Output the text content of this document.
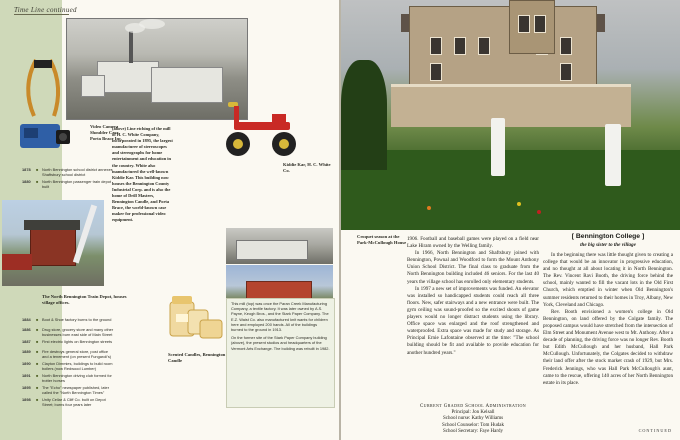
Time Line continued
Video Camera Shoulder Case, Porta Brace Inc.
Kiddie Kar, H. C. White Co.
(above) Line etching of the mill of H. C. White Company, incorporated in 1895, the largest manufacturer of stereoscopes and stereographs for home entertainment and education in the country. White also manufactured the well-known Kiddie Kar. This building now houses the Bennington County Industrial Corp. and is also the home of Drill Masters, Bennington Candle, and Porta Brace, the world-known case maker for professional video equipment.
1878	■ North Bennington school district annexes Shaftsbury school district
1880	■ North Bennington passenger train depot built
The North Bennington Train Depot, houses village offices.
1884	■ Boot & Shoe factory burns to the ground
1886	■ Drug store, grocery store and many other businesses burn east side of Main Street
1887	■ First electric lights on Bennington streets
1889	■ Fire destroys general store, post office and a tenement (on present Fungaroli's)
1890	■ Clayton Dimmies, buildings to build room boilers (now Redwood Lumber)
1891	■ North Bennington driving club formed for trotter horses
1895	■ The "Echo" newspaper published, later called the "North Bennington Times"
1898	■ Unity Cellar & Cliff Co. built on Depot Street; burns four years later
Scented Candles, Bennington Candle

This mill (top) was once the Paran Creek Manufacturing Company, a textile factory. It was later owned by A.S. Payne, Keogh Bros., and the Stark Paper Company. The E.Z. Waist Co. also manufactured knit wants for children here and employed 200 hands. All of the buildings burned to the ground in 1913.

On the former site of the Stark Paper Company building (above), the present studios and headquarters of the Vermont Arts Exchange. The building was rebuilt in 1982.

Croquet season at the Park-McCullough House

1906. Football and baseball games were played on a field near Lake Hiram owned by the Welling family.

In 1966, North Bennington and Shaftsbury joined with Bennington, Pownal and Woodford to form the Mount Anthony Union School District. The final class to graduate from the North Bennington building included 46 seniors. For the last 40 years the village school has enrolled only elementary students.

In 1997 a new set of improvements was funded. An elevator was installed so handicapped students could reach all three floors. New, safer stairways and a new entrance were built. The gym ceiling was sound-proofed so the excited shouts of game players would no longer distract students using the library. Office space was enlarged and the roof strengthened and waterproofed. Extra space was made for study and storage. As Principal Ernie Lafontaine observed at the time: "The school building should be fit and available to provide education for another hundred years."

Current Graded School Administration
Principal: Jon Kelsall
School nurse: Kathy Williams
School Counselor: Tom Hudak
School Secretary: Faye Hardy
[ Bennington College ]
the big sister to the village

In the beginning there was little thought given to creating a college that would be an innovator in progressive education, and no thought at all about locating it in North Bennington. The Rev. Vincent Ravi Booth, the driving force behind the school, mainly wanted to fill the vacant lots in the Old First Church, which emptied in winter when Old Bennington's summer residents returned to their homes in Troy, Albany, New York, Cleveland and Chicago.

Rev. Booth envisioned a women's college in Old Bennington, on land offered by the Colgate family. The proposed campus would have stretched from the intersection of Elm Street and Monument Avenue west to Mt. Anthony. After a decade of planning, the driving force was no longer Rev. Booth but Edith McCullough and her husband, Hall Park McCullough. Unfortunately, the Colgates decided to withdraw their land offer after the stock market crash of 1929, but Mrs. Frederick Jennings, who was Hall Park McCullough's aunt, came to the rescue, offering 140 acres of her North Bennington estate in its place.

CONTINUED
